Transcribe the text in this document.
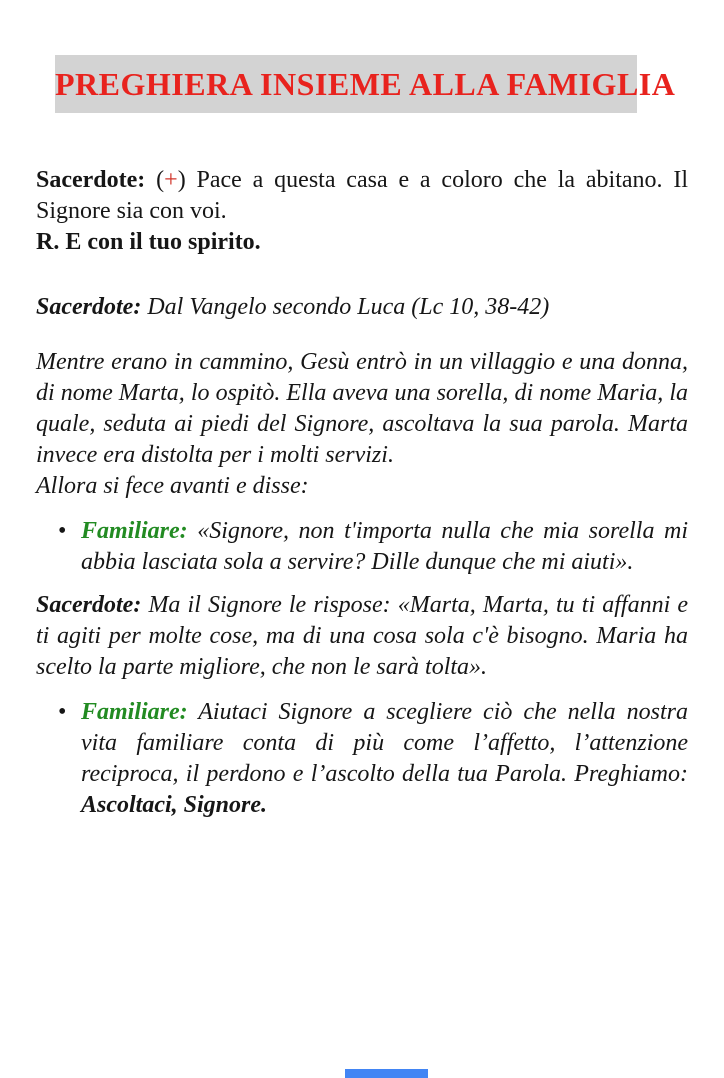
PREGHIERA INSIEME ALLA FAMIGLIA
Sacerdote: (+) Pace a questa casa e a coloro che la abitano. Il Signore sia con voi.
R. E con il tuo spirito.
Sacerdote: Dal Vangelo secondo Luca (Lc 10, 38-42)
Mentre erano in cammino, Gesù entrò in un villaggio e una donna, di nome Marta, lo ospitò. Ella aveva una sorella, di nome Maria, la quale, seduta ai piedi del Signore, ascoltava la sua parola. Marta invece era distolta per i molti servizi.
Allora si fece avanti e disse:
• Familiare: «Signore, non t'importa nulla che mia sorella mi abbia lasciata sola a servire? Dille dunque che mi aiuti».
Sacerdote: Ma il Signore le rispose: «Marta, Marta, tu ti affanni e ti agiti per molte cose, ma di una cosa sola c'è bisogno. Maria ha scelto la parte migliore, che non le sarà tolta».
• Familiare: Aiutaci Signore a scegliere ciò che nella nostra vita familiare conta di più come l’affetto, l’attenzione reciproca, il perdono e l’ascolto della tua Parola. Preghiamo: Ascoltaci, Signore.
